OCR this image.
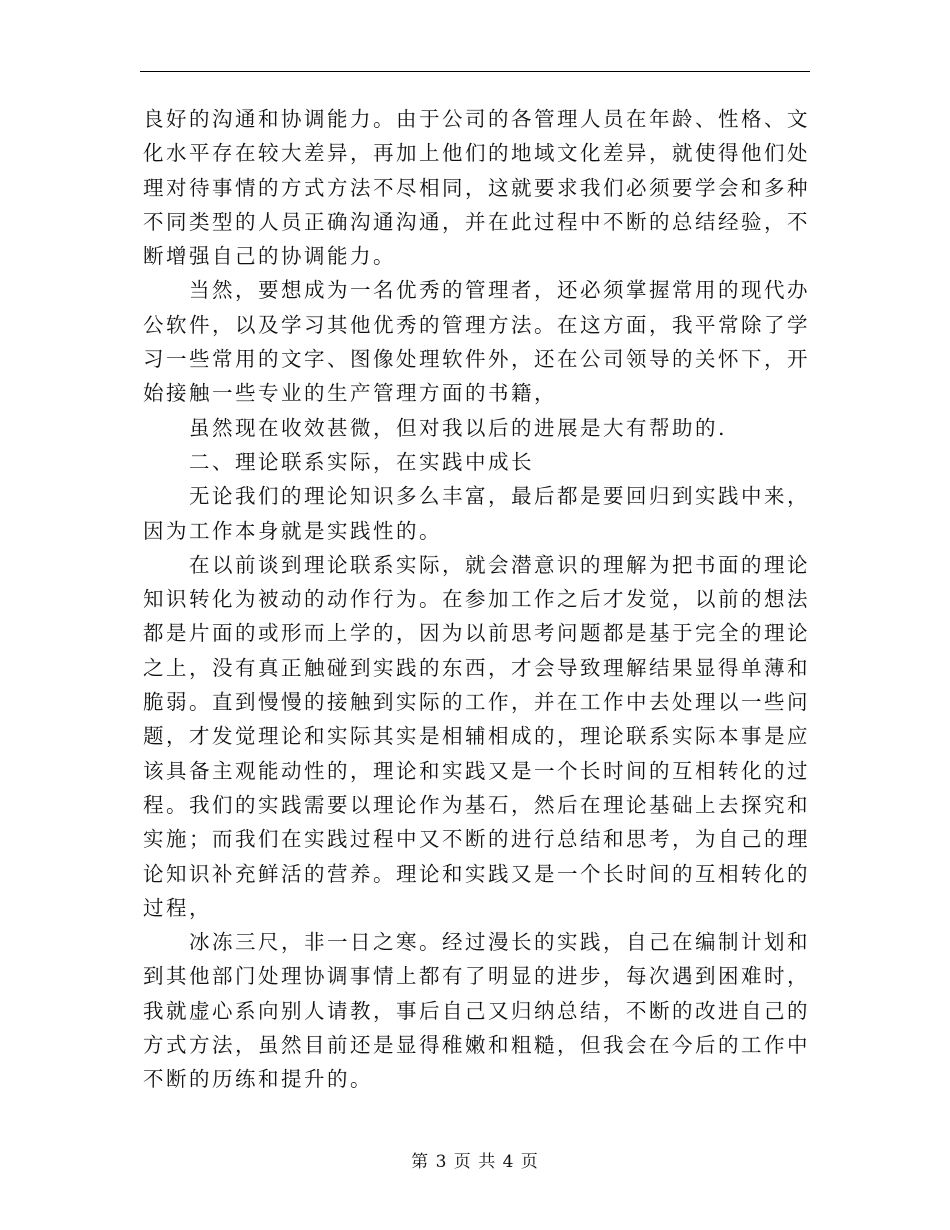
良好的沟通和协调能力。由于公司的各管理人员在年龄、性格、文化水平存在较大差异，再加上他们的地域文化差异，就使得他们处理对待事情的方式方法不尽相同，这就要求我们必须要学会和多种不同类型的人员正确沟通沟通，并在此过程中不断的总结经验，不断增强自己的协调能力。

当然，要想成为一名优秀的管理者，还必须掌握常用的现代办公软件，以及学习其他优秀的管理方法。在这方面，我平常除了学习一些常用的文字、图像处理软件外，还在公司领导的关怀下，开始接触一些专业的生产管理方面的书籍，

虽然现在收效甚微，但对我以后的进展是大有帮助的.

二、理论联系实际，在实践中成长

无论我们的理论知识多么丰富，最后都是要回归到实践中来，因为工作本身就是实践性的。

在以前谈到理论联系实际，就会潜意识的理解为把书面的理论知识转化为被动的动作行为。在参加工作之后才发觉，以前的想法都是片面的或形而上学的，因为以前思考问题都是基于完全的理论之上，没有真正触碰到实践的东西，才会导致理解结果显得单薄和脆弱。直到慢慢的接触到实际的工作，并在工作中去处理以一些问题，才发觉理论和实际其实是相辅相成的，理论联系实际本事是应该具备主观能动性的，理论和实践又是一个长时间的互相转化的过程。我们的实践需要以理论作为基石，然后在理论基础上去探究和实施；而我们在实践过程中又不断的进行总结和思考，为自己的理论知识补充鲜活的营养。理论和实践又是一个长时间的互相转化的过程，

冰冻三尺，非一日之寒。经过漫长的实践，自己在编制计划和到其他部门处理协调事情上都有了明显的进步，每次遇到困难时，我就虚心系向别人请教，事后自己又归纳总结，不断的改进自己的方式方法，虽然目前还是显得稚嫩和粗糙，但我会在今后的工作中不断的历练和提升的。

第 3 页 共 4 页
